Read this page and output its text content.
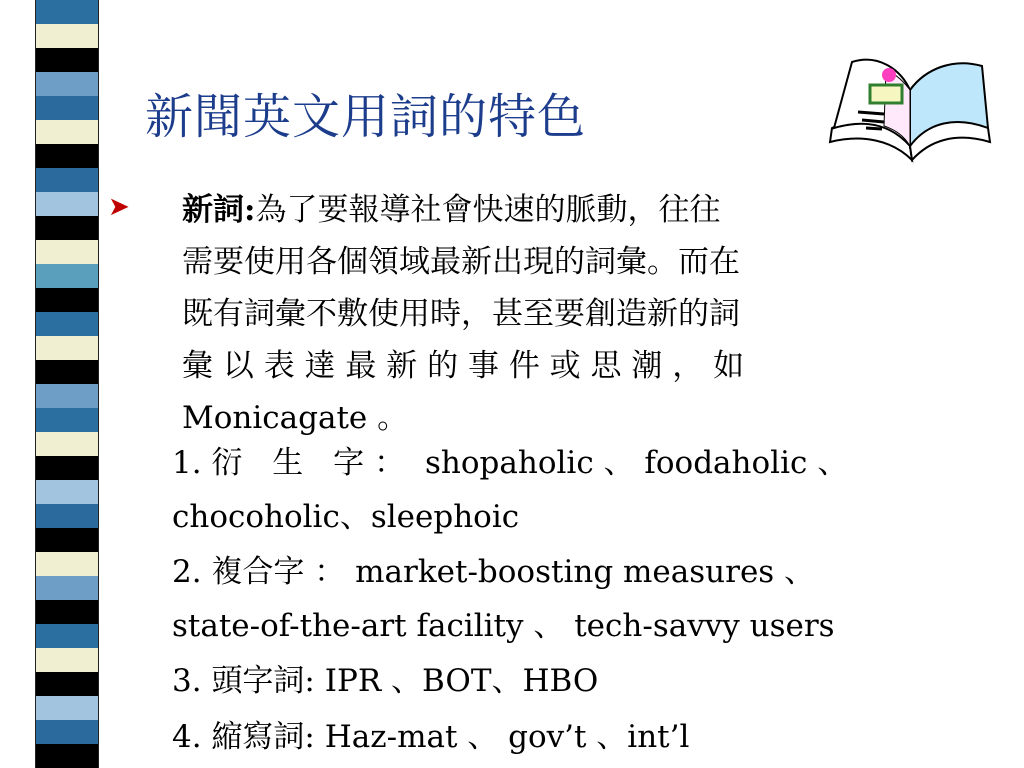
新聞英文用詞的特色
➤ 新詞:為了要報導社會快速的脈動，往往
需要使用各個領域最新出現的詞彙。而在
既有詞彙不敷使用時，甚至要創造新的詞
彙 以 表 達 最 新 的 事 件 或 思 潮 ， 如
Monicagate 。
1. 衍 生 字： shopaholic 、 foodaholic 、
chocoholic、sleephoic
2. 複合字 ： market-boosting measures 、
state-of-the-art facility 、 tech-savvy users
3. 頭字詞: IPR 、BOT、HBO
4. 縮寫詞: Haz-mat 、 gov’t 、int’l
